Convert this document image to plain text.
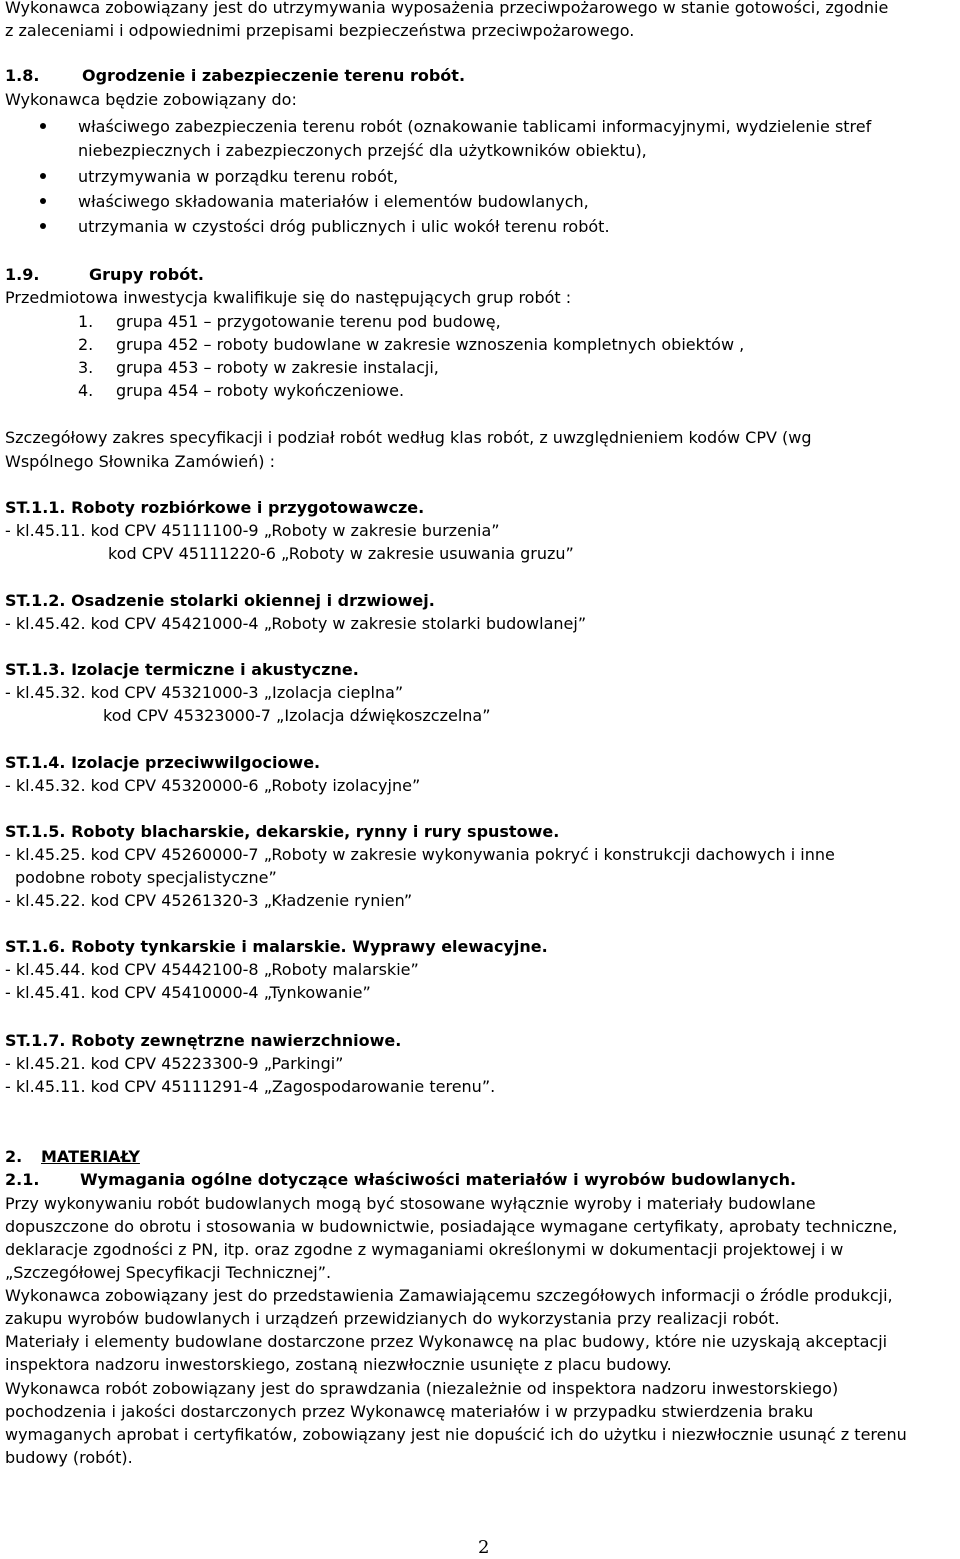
Wykonawca zobowiązany jest do utrzymywania wyposażenia przeciwpożarowego w stanie gotowości, zgodnie
z zaleceniami i odpowiednimi przepisami bezpieczeństwa przeciwpożarowego.
1.8.	Ogrodzenie i zabezpieczenie terenu robót.
Wykonawca będzie zobowiązany do:
właściwego zabezpieczenia terenu robót (oznakowanie tablicami informacyjnymi, wydzielenie stref
niebezpiecznych i zabezpieczonych przejść dla użytkowników obiektu),
utrzymywania w porządku terenu robót,
właściwego składowania materiałów i elementów budowlanych,
utrzymania w czystości dróg publicznych i ulic wokół terenu robót.
1.9.	Grupy robót.
Przedmiotowa inwestycja kwalifikuje się do następujących grup robót :
1. grupa 451 – przygotowanie terenu pod budowę,
2. grupa 452 – roboty budowlane w zakresie wznoszenia kompletnych obiektów ,
3. grupa 453 – roboty w zakresie instalacji,
4. grupa 454 – roboty wykończeniowe.
Szczegółowy zakres specyfikacji i podział robót według klas robót, z uwzględnieniem kodów CPV (wg
Wspólnego Słownika Zamówień) :
ST.1.1. Roboty rozbiórkowe i przygotowawcze.
- kl.45.11. kod CPV 45111100-9 „Roboty w zakresie burzenia”
kod CPV 45111220-6 „Roboty w zakresie usuwania gruzu”
ST.1.2. Osadzenie stolarki okiennej i drzwiowej.
- kl.45.42. kod CPV 45421000-4 „Roboty w zakresie stolarki budowlanej”
ST.1.3. Izolacje termiczne i akustyczne.
- kl.45.32. kod CPV 45321000-3 „Izolacja cieplna”
kod CPV 45323000-7 „Izolacja dźwiękoszczelna”
ST.1.4. Izolacje przeciwwilgociowe.
- kl.45.32. kod CPV 45320000-6 „Roboty izolacyjne”
ST.1.5. Roboty blacharskie, dekarskie, rynny i rury spustowe.
- kl.45.25. kod CPV 45260000-7 „Roboty w zakresie wykonywania pokryć i konstrukcji dachowych i inne
podobne roboty specjalistyczne”
- kl.45.22. kod CPV 45261320-3 „Kładzenie rynien”
ST.1.6. Roboty tynkarskie i malarskie. Wyprawy elewacyjne.
- kl.45.44. kod CPV 45442100-8 „Roboty malarskie”
- kl.45.41. kod CPV 45410000-4 „Tynkowanie”
ST.1.7. Roboty zewnętrzne nawierzchniowe.
- kl.45.21. kod CPV 45223300-9 „Parkingi”
- kl.45.11. kod CPV 45111291-4 „Zagospodarowanie terenu”.
2. MATERIAŁY
2.1.	Wymagania ogólne dotyczące właściwości materiałów i wyrobów budowlanych.
Przy wykonywaniu robót budowlanych mogą być stosowane wyłącznie wyroby i materiały budowlane
dopuszczone do obrotu i stosowania w budownictwie, posiadające wymagane certyfikaty, aprobaty techniczne,
deklaracje zgodności z PN, itp. oraz zgodne z wymaganiami określonymi w dokumentacji projektowej i w
„Szczegółowej Specyfikacji Technicznej”.
Wykonawca zobowiązany jest do przedstawienia Zamawiającemu szczegółowych informacji o źródle produkcji,
zakupu wyrobów budowlanych i urządzeń przewidzianych do wykorzystania przy realizacji robót.
Materiały i elementy budowlane dostarczone przez Wykonawcę na plac budowy, które nie uzyskają akceptacji
inspektora nadzoru inwestorskiego, zostaną niezwłocznie usunięte z placu budowy.
Wykonawca robót zobowiązany jest do sprawdzania (niezależnie od inspektora nadzoru inwestorskiego)
pochodzenia i jakości dostarczonych przez Wykonawcę materiałów i w przypadku stwierdzenia braku
wymaganych aprobat i certyfikatów, zobowiązany jest nie dopuścić ich do użytku i niezwłocznie usunąć z terenu
budowy (robót).
2
